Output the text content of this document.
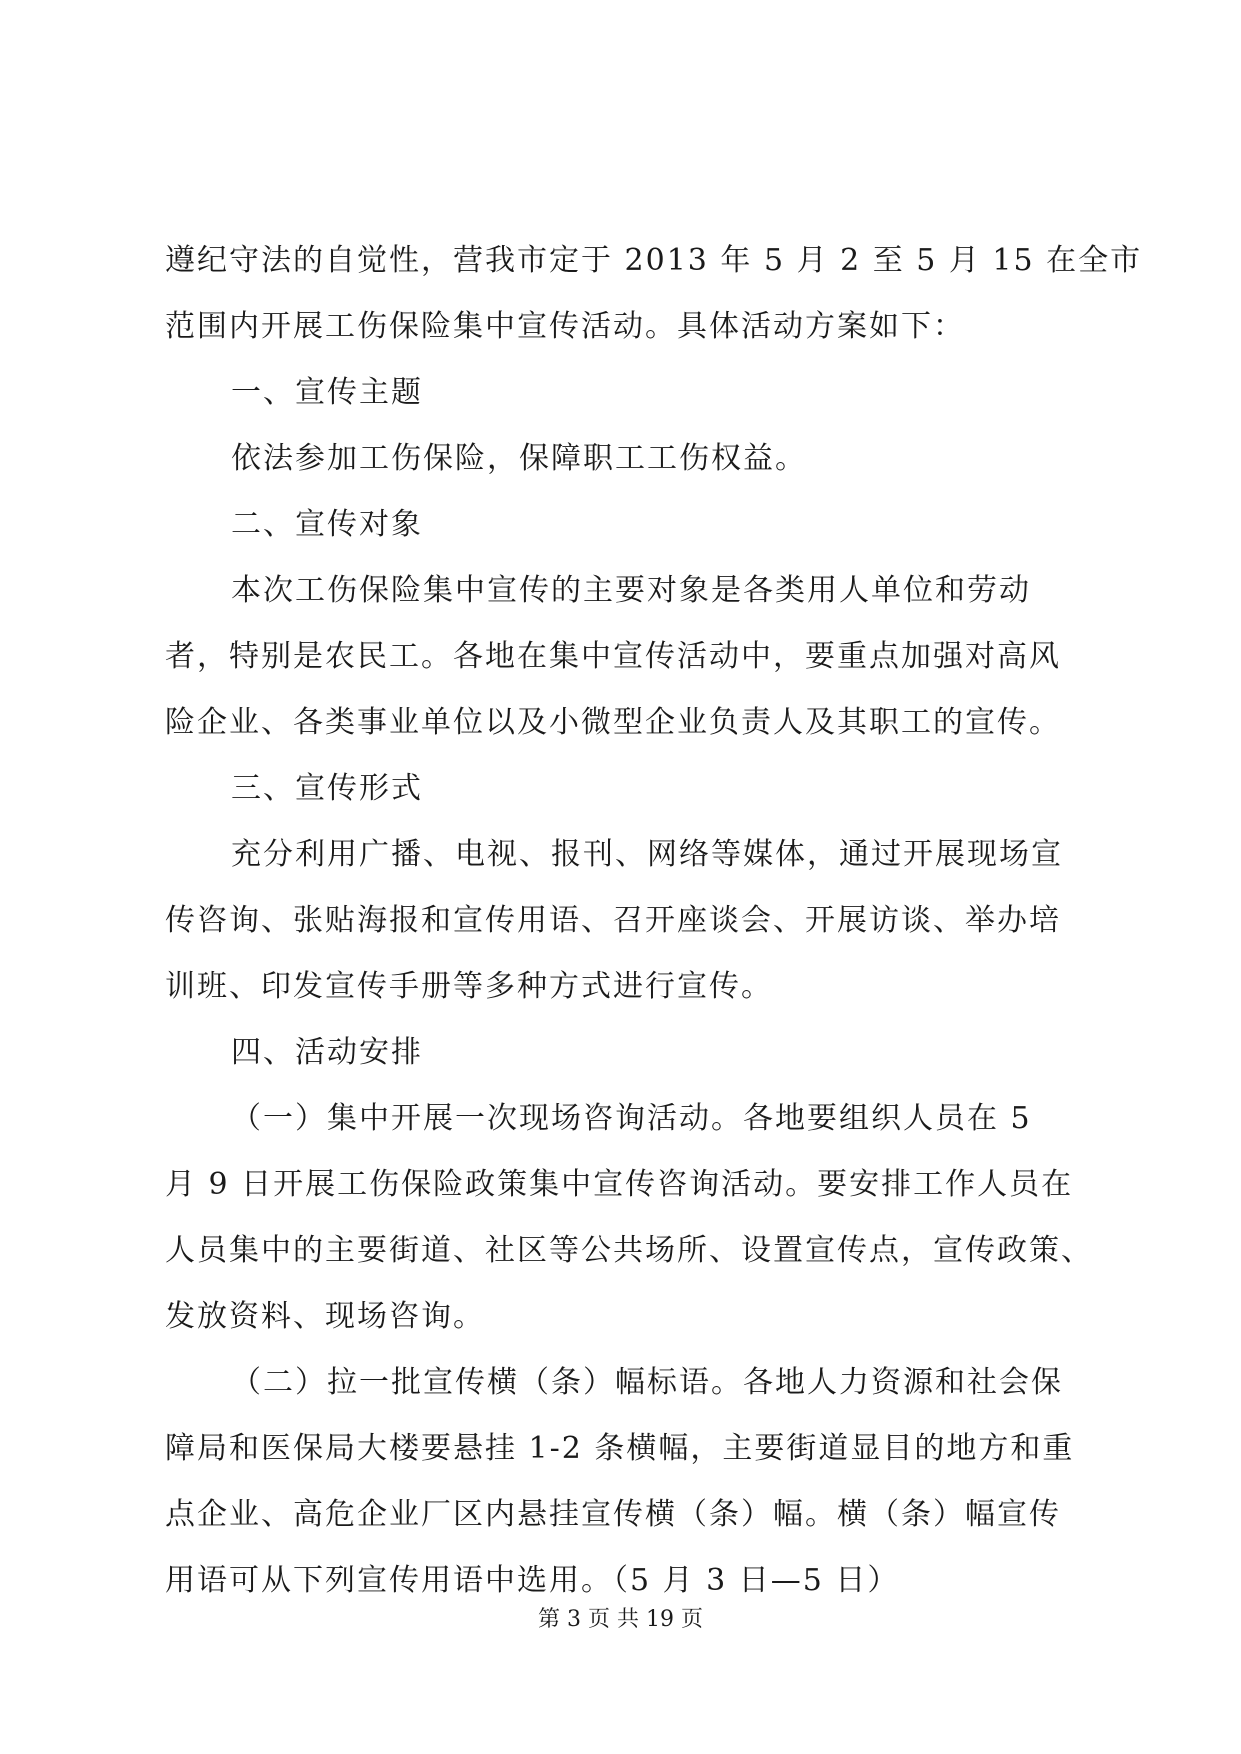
遵纪守法的自觉性，营我市定于 2013 年 5 月 2 至 5 月 15 在全市
范围内开展工伤保险集中宣传活动。具体活动方案如下：
一、宣传主题
依法参加工伤保险，保障职工工伤权益。
二、宣传对象
本次工伤保险集中宣传的主要对象是各类用人单位和劳动
者，特别是农民工。各地在集中宣传活动中，要重点加强对高风
险企业、各类事业单位以及小微型企业负责人及其职工的宣传。
三、宣传形式
充分利用广播、电视、报刊、网络等媒体，通过开展现场宣
传咨询、张贴海报和宣传用语、召开座谈会、开展访谈、举办培
训班、印发宣传手册等多种方式进行宣传。
四、活动安排
（一）集中开展一次现场咨询活动。各地要组织人员在 5
月 9 日开展工伤保险政策集中宣传咨询活动。要安排工作人员在
人员集中的主要街道、社区等公共场所、设置宣传点，宣传政策、
发放资料、现场咨询。
（二）拉一批宣传横（条）幅标语。各地人力资源和社会保
障局和医保局大楼要悬挂 1-2 条横幅，主要街道显目的地方和重
点企业、高危企业厂区内悬挂宣传横（条）幅。横（条）幅宣传
用语可从下列宣传用语中选用。（5 月 3 日—5 日）
第 3 页 共 19 页
